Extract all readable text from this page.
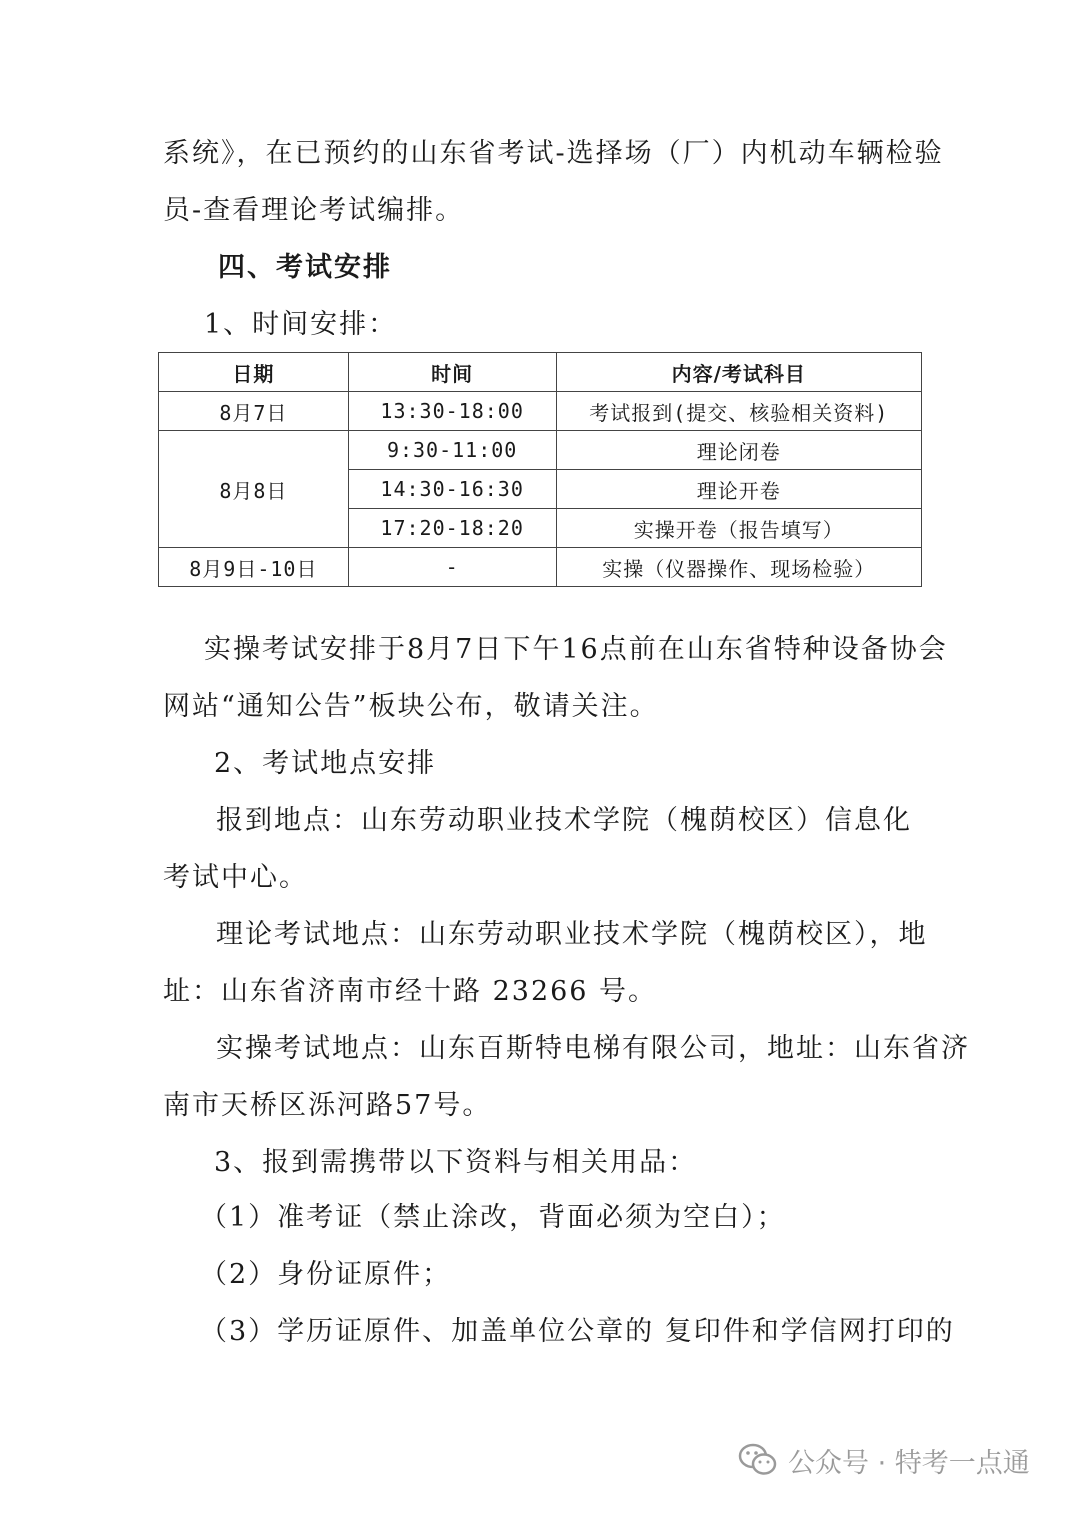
系统》，在已预约的山东省考试-选择场（厂）内机动车辆检验
员-查看理论考试编排。
四、考试安排
1、时间安排：
日期	时间	内容/考试科目
8月7日	13:30-18:00	考试报到(提交、核验相关资料)
8月8日	9:30-11:00	理论闭卷
	14:30-16:30	理论开卷
	17:20-18:20	实操开卷（报告填写）
8月9日-10日	-	实操（仪器操作、现场检验）
实操考试安排于8月7日下午16点前在山东省特种设备协会
网站“通知公告”板块公布，敬请关注。
2、考试地点安排
报到地点：山东劳动职业技术学院（槐荫校区）信息化
考试中心。
理论考试地点：山东劳动职业技术学院（槐荫校区），地
址：山东省济南市经十路 23266 号。
实操考试地点：山东百斯特电梯有限公司，地址：山东省济
南市天桥区泺河路57号。
3、报到需携带以下资料与相关用品：
（1）准考证（禁止涂改，背面必须为空白）；
（2）身份证原件；
（3）学历证原件、加盖单位公章的 复印件和学信网打印的
公众号 · 特考一点通
